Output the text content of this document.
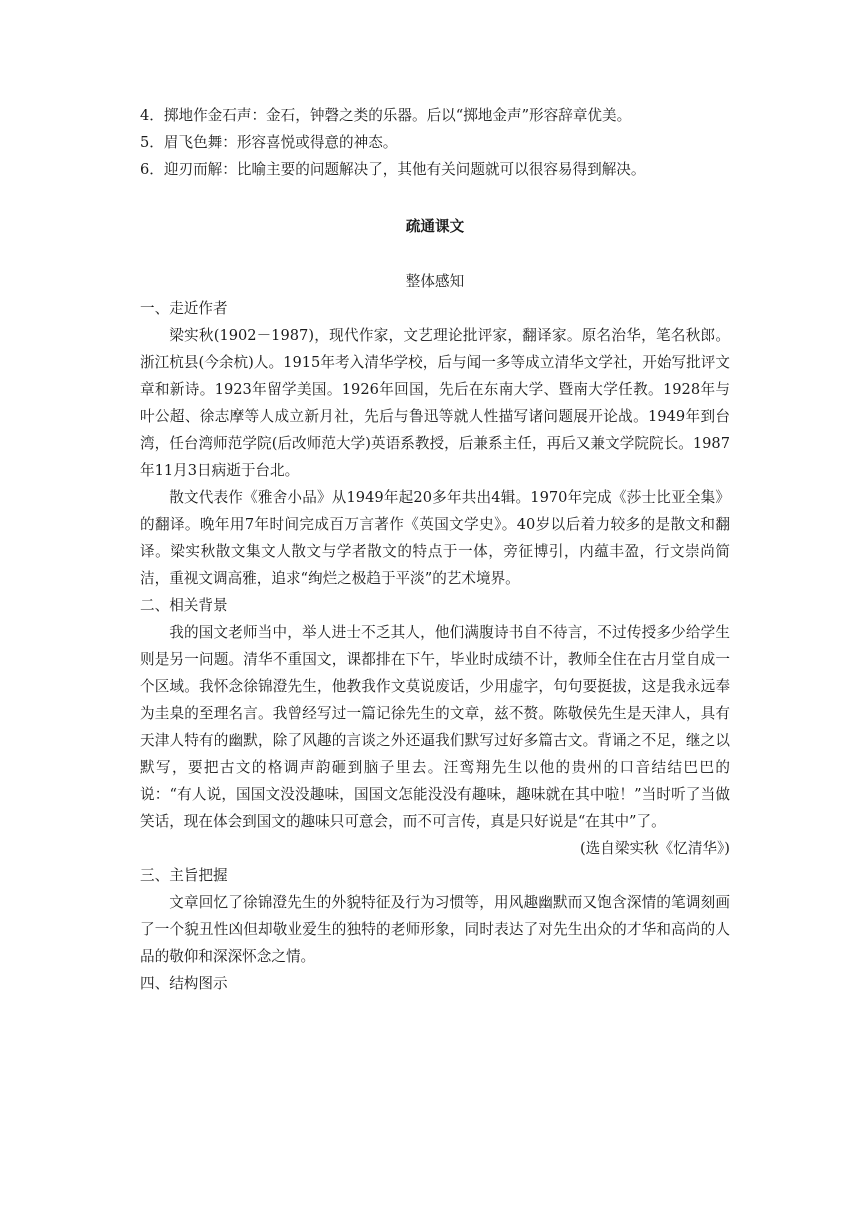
4．掷地作金石声：金石，钟磬之类的乐器。后以“掷地金声”形容辞章优美。

5．眉飞色舞：形容喜悦或得意的神态。

6．迎刃而解：比喻主要的问题解决了，其他有关问题就可以很容易得到解决。

疏通课文

整体感知

一、走近作者

梁实秋(1902－1987)，现代作家，文艺理论批评家，翻译家。原名治华，笔名秋郎。浙江杭县(今余杭)人。1915年考入清华学校，后与闻一多等成立清华文学社，开始写批评文章和新诗。1923年留学美国。1926年回国，先后在东南大学、暨南大学任教。1928年与叶公超、徐志摩等人成立新月社，先后与鲁迅等就人性描写诸问题展开论战。1949年到台湾，任台湾师范学院(后改师范大学)英语系教授，后兼系主任，再后又兼文学院院长。1987年11月3日病逝于台北。

散文代表作《雅舍小品》从1949年起20多年共出4辑。1970年完成《莎士比亚全集》的翻译。晚年用7年时间完成百万言著作《英国文学史》。40岁以后着力较多的是散文和翻译。梁实秋散文集文人散文与学者散文的特点于一体，旁征博引，内蕴丰盈，行文崇尚简洁，重视文调高雅，追求“绚烂之极趋于平淡”的艺术境界。

二、相关背景

我的国文老师当中，举人进士不乏其人，他们满腹诗书自不待言，不过传授多少给学生则是另一问题。清华不重国文，课都排在下午，毕业时成绩不计，教师全住在古月堂自成一个区域。我怀念徐锦澄先生，他教我作文莫说废话，少用虚字，句句要挺拔，这是我永远奉为圭臬的至理名言。我曾经写过一篇记徐先生的文章，兹不赘。陈敬侯先生是天津人，具有天津人特有的幽默，除了风趣的言谈之外还逼我们默写过好多篇古文。背诵之不足，继之以默写，要把古文的格调声韵砸到脑子里去。汪鸾翔先生以他的贵州的口音结结巴巴的说：“有人说，国国文没没趣味，国国文怎能没没有趣味，趣味就在其中啦！”当时听了当做笑话，现在体会到国文的趣味只可意会，而不可言传，真是只好说是“在其中”了。

(选自梁实秋《忆清华》)

三、主旨把握

文章回忆了徐锦澄先生的外貌特征及行为习惯等，用风趣幽默而又饱含深情的笔调刻画了一个貌丑性凶但却敬业爱生的独特的老师形象，同时表达了对先生出众的才华和高尚的人品的敬仰和深深怀念之情。

四、结构图示
